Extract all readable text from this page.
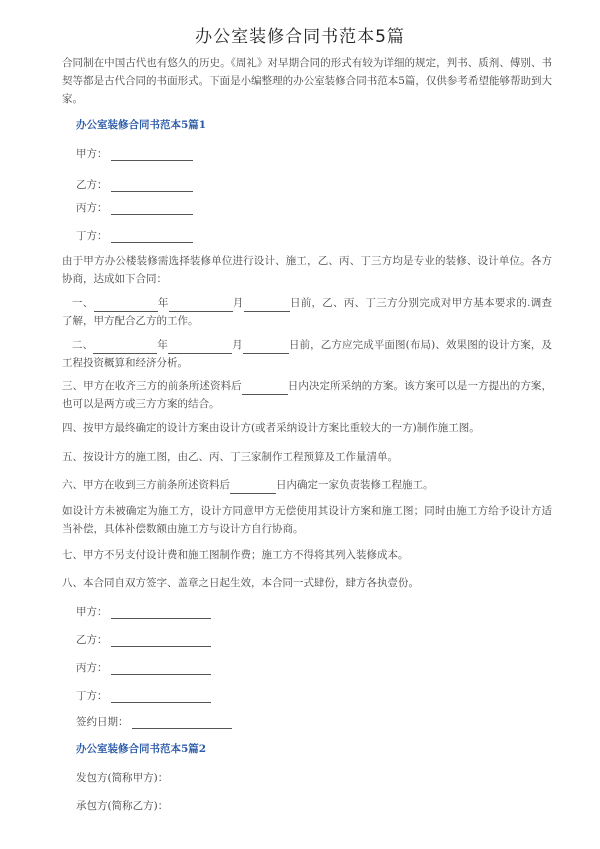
办公室装修合同书范本5篇
合同制在中国古代也有悠久的历史。《周礼》对早期合同的形式有较为详细的规定，判书、质剂、傅别、书契等都是古代合同的书面形式。下面是小编整理的办公室装修合同书范本5篇，仅供参考希望能够帮助到大家。
办公室装修合同书范本5篇1
甲方：
乙方：
丙方：
丁方：
由于甲方办公楼装修需选择装修单位进行设计、施工，乙、丙、丁三方均是专业的装修、设计单位。各方协商，达成如下合同：
一、	年	月	日前，乙、丙、丁三方分别完成对甲方基本要求的.调查了解，甲方配合乙方的工作。
二、	年	月	日前，乙方应完成平面图(布局)、效果图的设计方案，及工程投资概算和经济分析。
三、甲方在收齐三方的前条所述资料后	日内决定所采纳的方案。该方案可以是一方提出的方案，也可以是两方或三方方案的结合。
四、按甲方最终确定的设计方案由设计方(或者采纳设计方案比重较大的一方)制作施工图。
五、按设计方的施工图，由乙、丙、丁三家制作工程预算及工作量清单。
六、甲方在收到三方前条所述资料后	日内确定一家负责装修工程施工。
如设计方未被确定为施工方，设计方同意甲方无偿使用其设计方案和施工图；同时由施工方给予设计方适当补偿，具体补偿数额由施工方与设计方自行协商。
七、甲方不另支付设计费和施工图制作费；施工方不得将其列入装修成本。
八、本合同自双方签字、盖章之日起生效，本合同一式肆份，肆方各执壹份。
甲方：
乙方：
丙方：
丁方：
签约日期：
办公室装修合同书范本5篇2
发包方(简称甲方)：
承包方(简称乙方)：
